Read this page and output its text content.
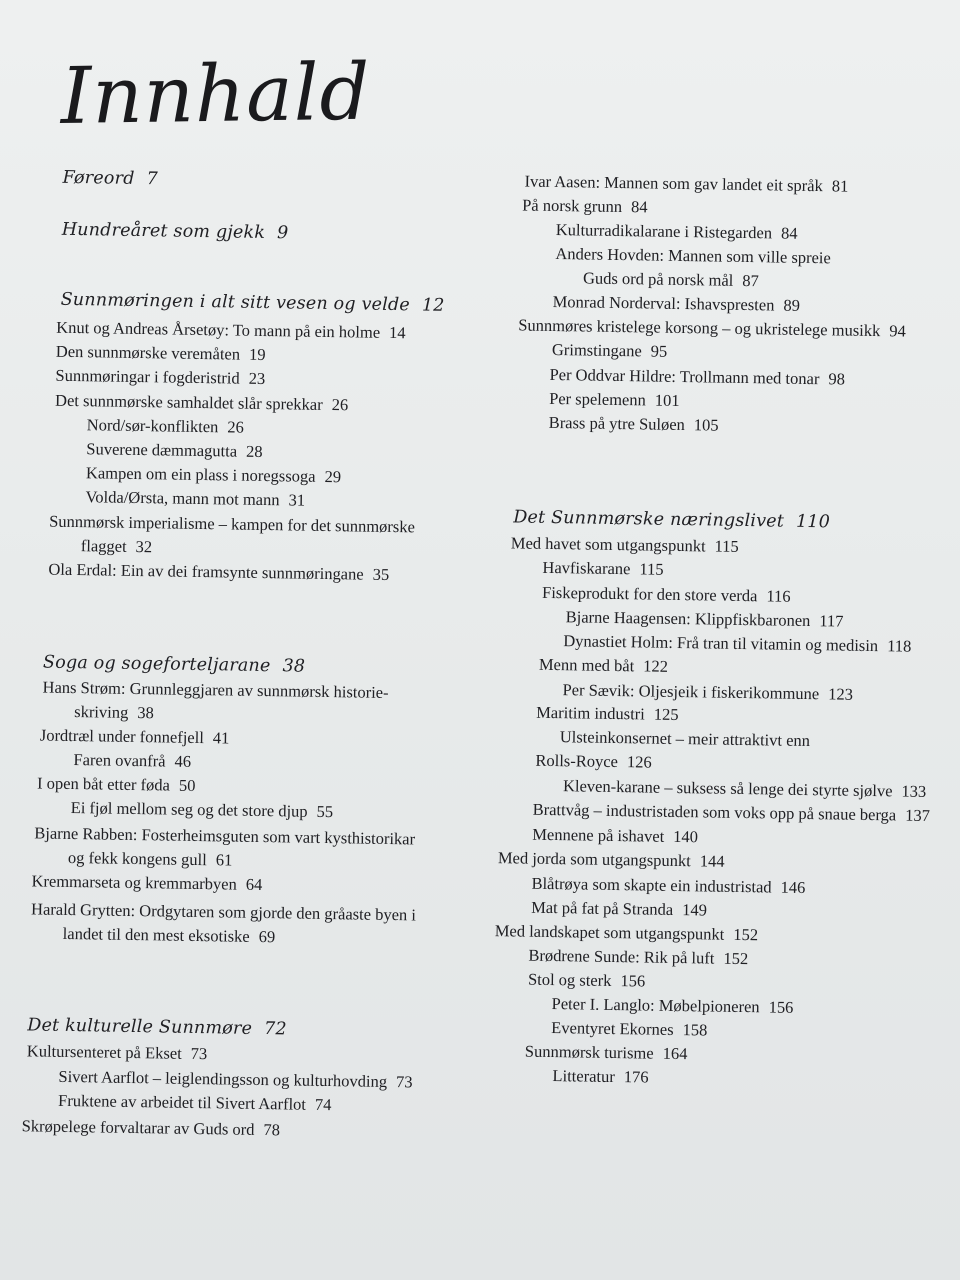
Innhald
Føreord 7
Hundreåret som gjekk 9
Sunnmøringen i alt sitt vesen og velde 12
Knut og Andreas Årsetøy: To mann på ein holme 14
Den sunnmørske veremåten 19
Sunnmøringar i fogderistrid 23
Det sunnmørske samhaldet slår sprekkar 26
Nord/sør-konflikten 26
Suverene dæmmagutta 28
Kampen om ein plass i noregssoga 29
Volda/Ørsta, mann mot mann 31
Sunnmørsk imperialisme – kampen for det sunnmørske
flagget 32
Ola Erdal: Ein av dei framsynte sunnmøringane 35
Soga og sogeforteljarane 38
Hans Strøm: Grunnleggjaren av sunnmørsk historie-
skriving 38
Jordtræl under fonnefjell 41
Faren ovanfrå 46
I open båt etter føda 50
Ei fjøl mellom seg og det store djup 55
Bjarne Rabben: Fosterheimsguten som vart kysthistorikar
og fekk kongens gull 61
Kremmarseta og kremmarbyen 64
Harald Grytten: Ordgytaren som gjorde den gråaste byen i
landet til den mest eksotiske 69
Det kulturelle Sunnmøre 72
Kultursenteret på Ekset 73
Sivert Aarflot – leiglendingsson og kulturhovding 73
Fruktene av arbeidet til Sivert Aarflot 74
Skrøpelege forvaltarar av Guds ord 78
Ivar Aasen: Mannen som gav landet eit språk 81
På norsk grunn 84
Kulturradikalarane i Ristegarden 84
Anders Hovden: Mannen som ville spreie
Guds ord på norsk mål 87
Monrad Norderval: Ishavspresten 89
Sunnmøres kristelege korsong – og ukristelege musikk 94
Grimstingane 95
Per Oddvar Hildre: Trollmann med tonar 98
Per spelemenn 101
Brass på ytre Suløen 105
Det Sunnmørske næringslivet 110
Med havet som utgangspunkt 115
Havfiskarane 115
Fiskeprodukt for den store verda 116
Bjarne Haagensen: Klippfiskbaronen 117
Dynastiet Holm: Frå tran til vitamin og medisin 118
Menn med båt 122
Per Sævik: Oljesjeik i fiskerikommune 123
Maritim industri 125
Ulsteinkonsernet – meir attraktivt enn
Rolls-Royce 126
Kleven-karane – suksess så lenge dei styrte sjølve 133
Brattvåg – industristaden som voks opp på snaue berga 137
Mennene på ishavet 140
Med jorda som utgangspunkt 144
Blåtrøya som skapte ein industristad 146
Mat på fat på Stranda 149
Med landskapet som utgangspunkt 152
Brødrene Sunde: Rik på luft 152
Stol og sterk 156
Peter I. Langlo: Møbelpioneren 156
Eventyret Ekornes 158
Sunnmørsk turisme 164
Litteratur 176
